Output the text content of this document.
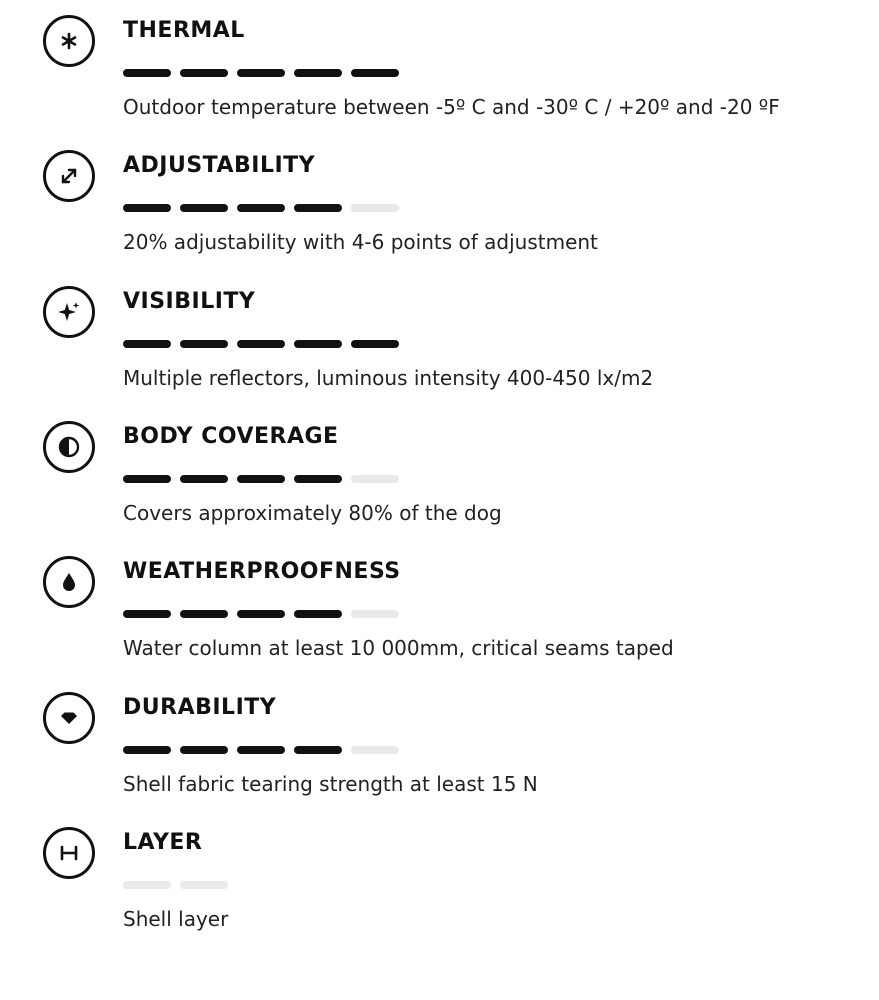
THERMAL
Outdoor temperature between -5º C and -30º C / +20º and -20 ºF
ADJUSTABILITY
20% adjustability with 4-6 points of adjustment
VISIBILITY
Multiple reflectors, luminous intensity 400-450 lx/m2
BODY COVERAGE
Covers approximately 80% of the dog
WEATHERPROOFNESS
Water column at least 10 000mm, critical seams taped
DURABILITY
Shell fabric tearing strength at least 15 N
LAYER
Shell layer
